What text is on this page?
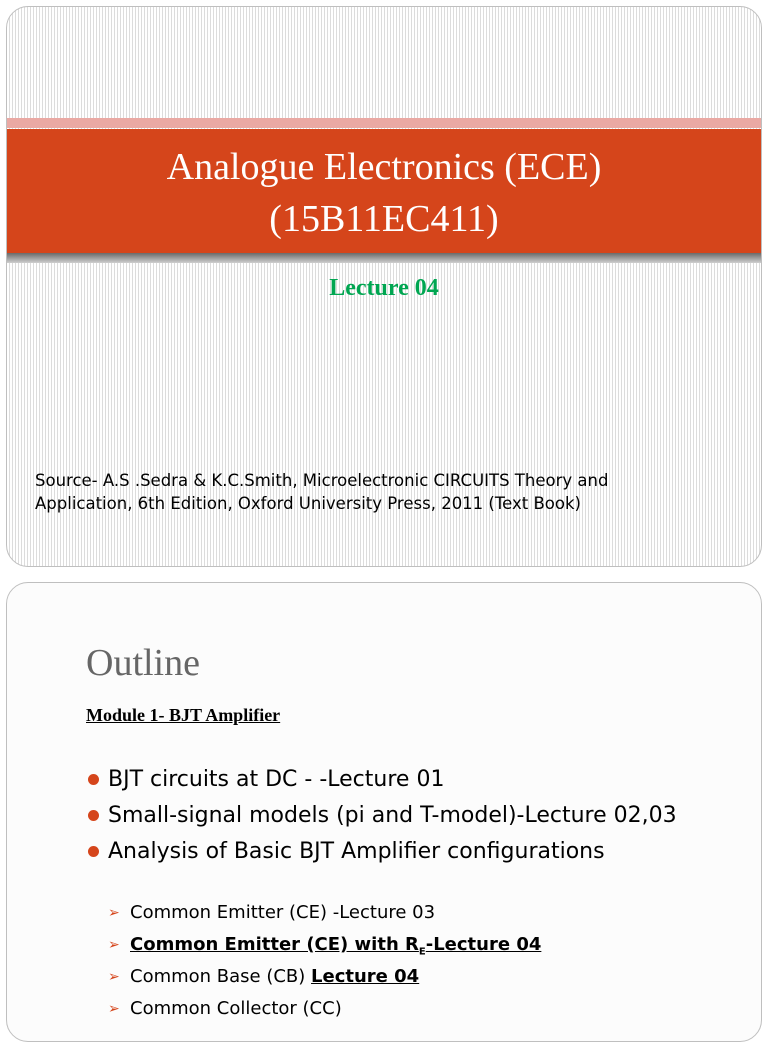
Analogue Electronics (ECE)
(15B11EC411)
Lecture 04
Source- A.S .Sedra & K.C.Smith, Microelectronic CIRCUITS Theory and
Application, 6th Edition, Oxford University Press, 2011 (Text Book)
Outline
Module 1- BJT Amplifier
BJT circuits at DC - -Lecture 01
Small-signal models (pi and T-model)-Lecture 02,03
Analysis of Basic BJT Amplifier configurations
➢ Common Emitter (CE) -Lecture 03
➢ Common Emitter (CE) with $R_E$-Lecture 04
➢ Common Base (CB) Lecture 04
➢ Common Collector (CC)
